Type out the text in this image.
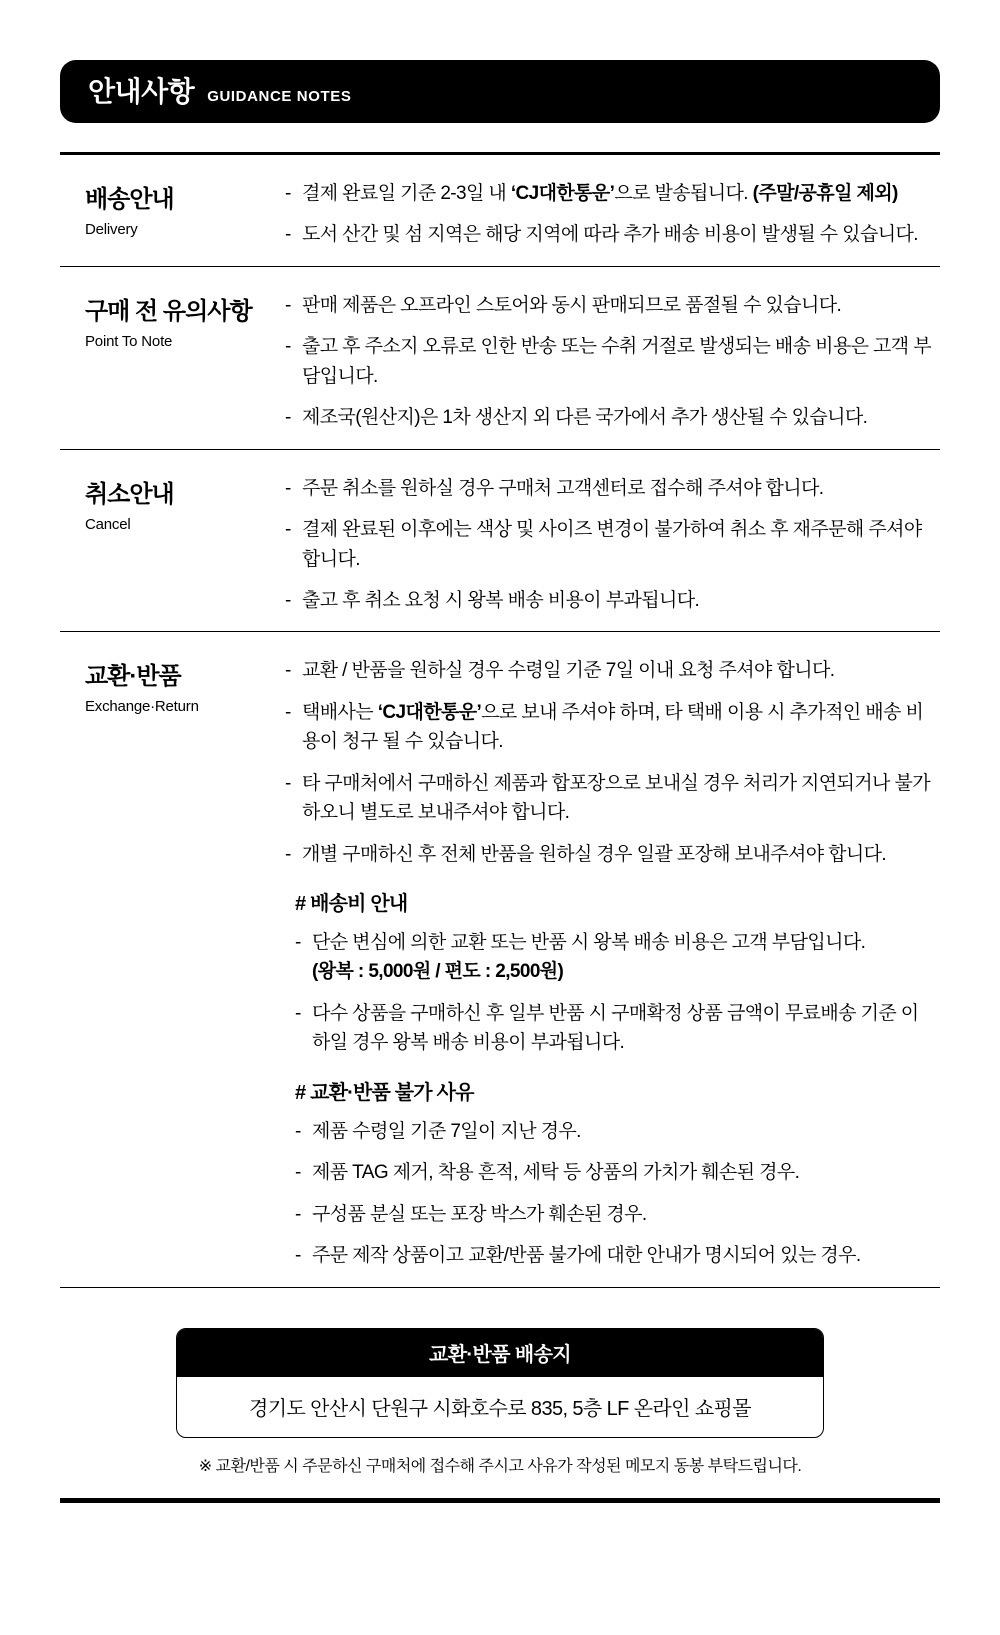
안내사항 GUIDANCE NOTES
배송안내
Delivery
- 결제 완료일 기준 2-3일 내 ‘CJ대한통운’으로 발송됩니다. (주말/공휴일 제외)
- 도서 산간 및 섬 지역은 해당 지역에 따라 추가 배송 비용이 발생될 수 있습니다.
구매 전 유의사항
Point To Note
- 판매 제품은 오프라인 스토어와 동시 판매되므로 품절될 수 있습니다.
- 출고 후 주소지 오류로 인한 반송 또는 수취 거절로 발생되는 배송 비용은 고객 부담입니다.
- 제조국(원산지)은 1차 생산지 외 다른 국가에서 추가 생산될 수 있습니다.
취소안내
Cancel
- 주문 취소를 원하실 경우 구매처 고객센터로 접수해 주셔야 합니다.
- 결제 완료된 이후에는 색상 및 사이즈 변경이 불가하여 취소 후 재주문해 주셔야 합니다.
- 출고 후 취소 요청 시 왕복 배송 비용이 부과됩니다.
교환·반품
Exchange·Return
- 교환 / 반품을 원하실 경우 수령일 기준 7일 이내 요청 주셔야 합니다.
- 택배사는 ‘CJ대한통운’으로 보내 주셔야 하며, 타 택배 이용 시 추가적인 배송 비용이 청구 될 수 있습니다.
- 타 구매처에서 구매하신 제품과 합포장으로 보내실 경우 처리가 지연되거나 불가하오니 별도로 보내주셔야 합니다.
- 개별 구매하신 후 전체 반품을 원하실 경우 일괄 포장해 보내주셔야 합니다.
# 배송비 안내
- 단순 변심에 의한 교환 또는 반품 시 왕복 배송 비용은 고객 부담입니다.
(왕복 : 5,000원 / 편도 : 2,500원)
- 다수 상품을 구매하신 후 일부 반품 시 구매확정 상품 금액이 무료배송 기준 이하일 경우 왕복 배송 비용이 부과됩니다.
# 교환·반품 불가 사유
- 제품 수령일 기준 7일이 지난 경우.
- 제품 TAG 제거, 착용 흔적, 세탁 등 상품의 가치가 훼손된 경우.
- 구성품 분실 또는 포장 박스가 훼손된 경우.
- 주문 제작 상품이고 교환/반품 불가에 대한 안내가 명시되어 있는 경우.
교환·반품 배송지
경기도 안산시 단원구 시화호수로 835, 5층 LF 온라인 쇼핑몰
※ 교환/반품 시 주문하신 구매처에 접수해 주시고 사유가 작성된 메모지 동봉 부탁드립니다.
